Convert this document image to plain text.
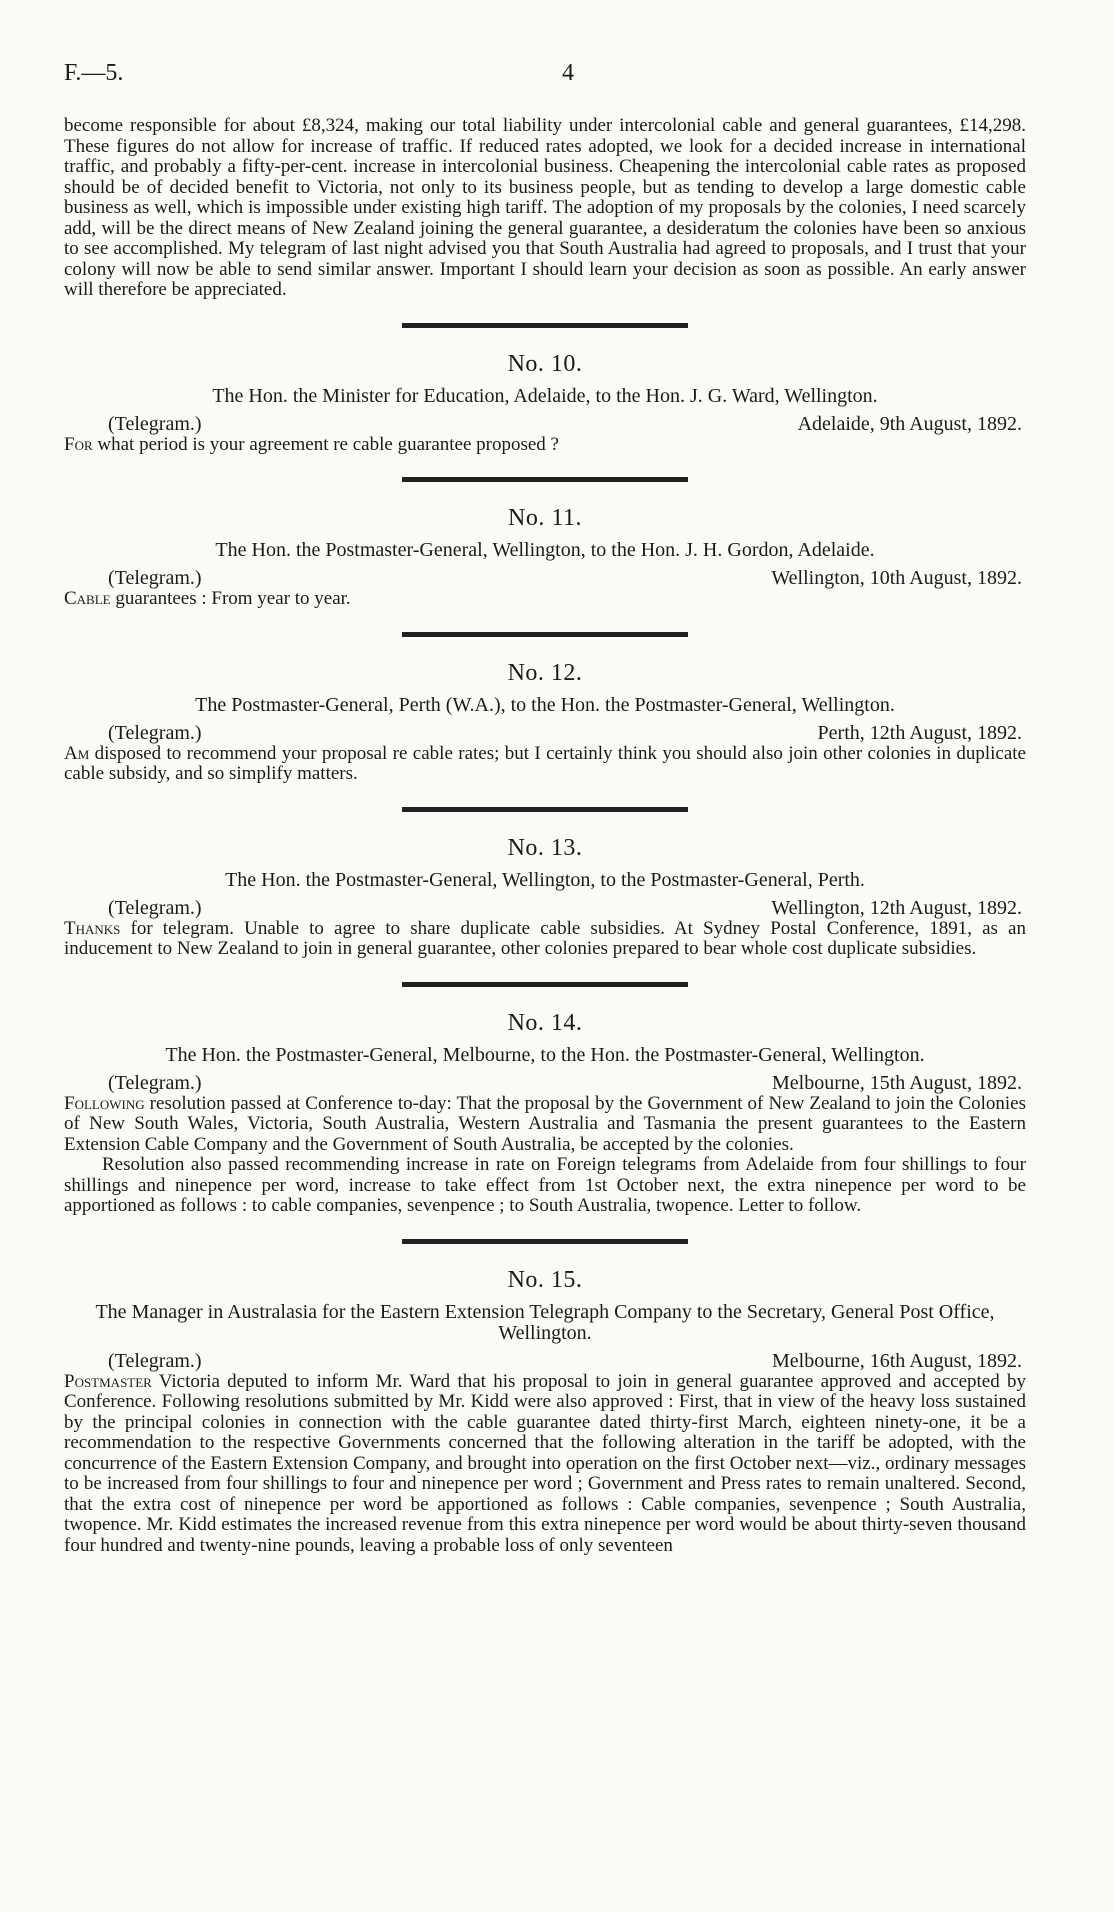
F.—5.	4

become responsible for about £8,324, making our total liability under intercolonial cable and general guarantees, £14,298. These figures do not allow for increase of traffic. If reduced rates adopted, we look for a decided increase in international traffic, and probably a fifty-per-cent. increase in intercolonial business. Cheapening the intercolonial cable rates as proposed should be of decided benefit to Victoria, not only to its business people, but as tending to develop a large domestic cable business as well, which is impossible under existing high tariff. The adoption of my proposals by the colonies, I need scarcely add, will be the direct means of New Zealand joining the general guarantee, a desideratum the colonies have been so anxious to see accomplished. My telegram of last night advised you that South Australia had agreed to proposals, and I trust that your colony will now be able to send similar answer. Important I should learn your decision as soon as possible. An early answer will therefore be appreciated.

No. 10.
The Hon. the Minister for Education, Adelaide, to the Hon. J. G. Ward, Wellington.
(Telegram.)	Adelaide, 9th August, 1892.

For what period is your agreement re cable guarantee proposed ?

No. 11.
The Hon. the Postmaster-General, Wellington, to the Hon. J. H. Gordon, Adelaide.
(Telegram.)	Wellington, 10th August, 1892.

Cable guarantees : From year to year.

No. 12.
The Postmaster-General, Perth (W.A.), to the Hon. the Postmaster-General, Wellington.
(Telegram.)	Perth, 12th August, 1892.

Am disposed to recommend your proposal re cable rates; but I certainly think you should also join other colonies in duplicate cable subsidy, and so simplify matters.

No. 13.
The Hon. the Postmaster-General, Wellington, to the Postmaster-General, Perth.
(Telegram.)	Wellington, 12th August, 1892.

Thanks for telegram. Unable to agree to share duplicate cable subsidies. At Sydney Postal Conference, 1891, as an inducement to New Zealand to join in general guarantee, other colonies prepared to bear whole cost duplicate subsidies.

No. 14.
The Hon. the Postmaster-General, Melbourne, to the Hon. the Postmaster-General, Wellington.
(Telegram.)	Melbourne, 15th August, 1892.

Following resolution passed at Conference to-day: That the proposal by the Government of New Zealand to join the Colonies of New South Wales, Victoria, South Australia, Western Australia and Tasmania the present guarantees to the Eastern Extension Cable Company and the Government of South Australia, be accepted by the colonies.

Resolution also passed recommending increase in rate on Foreign telegrams from Adelaide from four shillings to four shillings and ninepence per word, increase to take effect from 1st October next, the extra ninepence per word to be apportioned as follows : to cable companies, sevenpence ; to South Australia, twopence. Letter to follow.

No. 15.
The Manager in Australasia for the Eastern Extension Telegraph Company to the Secretary, General Post Office, Wellington.
(Telegram.)	Melbourne, 16th August, 1892.

Postmaster Victoria deputed to inform Mr. Ward that his proposal to join in general guarantee approved and accepted by Conference. Following resolutions submitted by Mr. Kidd were also approved : First, that in view of the heavy loss sustained by the principal colonies in connection with the cable guarantee dated thirty-first March, eighteen ninety-one, it be a recommendation to the respective Governments concerned that the following alteration in the tariff be adopted, with the concurrence of the Eastern Extension Company, and brought into operation on the first October next—viz., ordinary messages to be increased from four shillings to four and ninepence per word ; Government and Press rates to remain unaltered. Second, that the extra cost of ninepence per word be apportioned as follows : Cable companies, sevenpence ; South Australia, twopence. Mr. Kidd estimates the increased revenue from this extra ninepence per word would be about thirty-seven thousand four hundred and twenty-nine pounds, leaving a probable loss of only seventeen
